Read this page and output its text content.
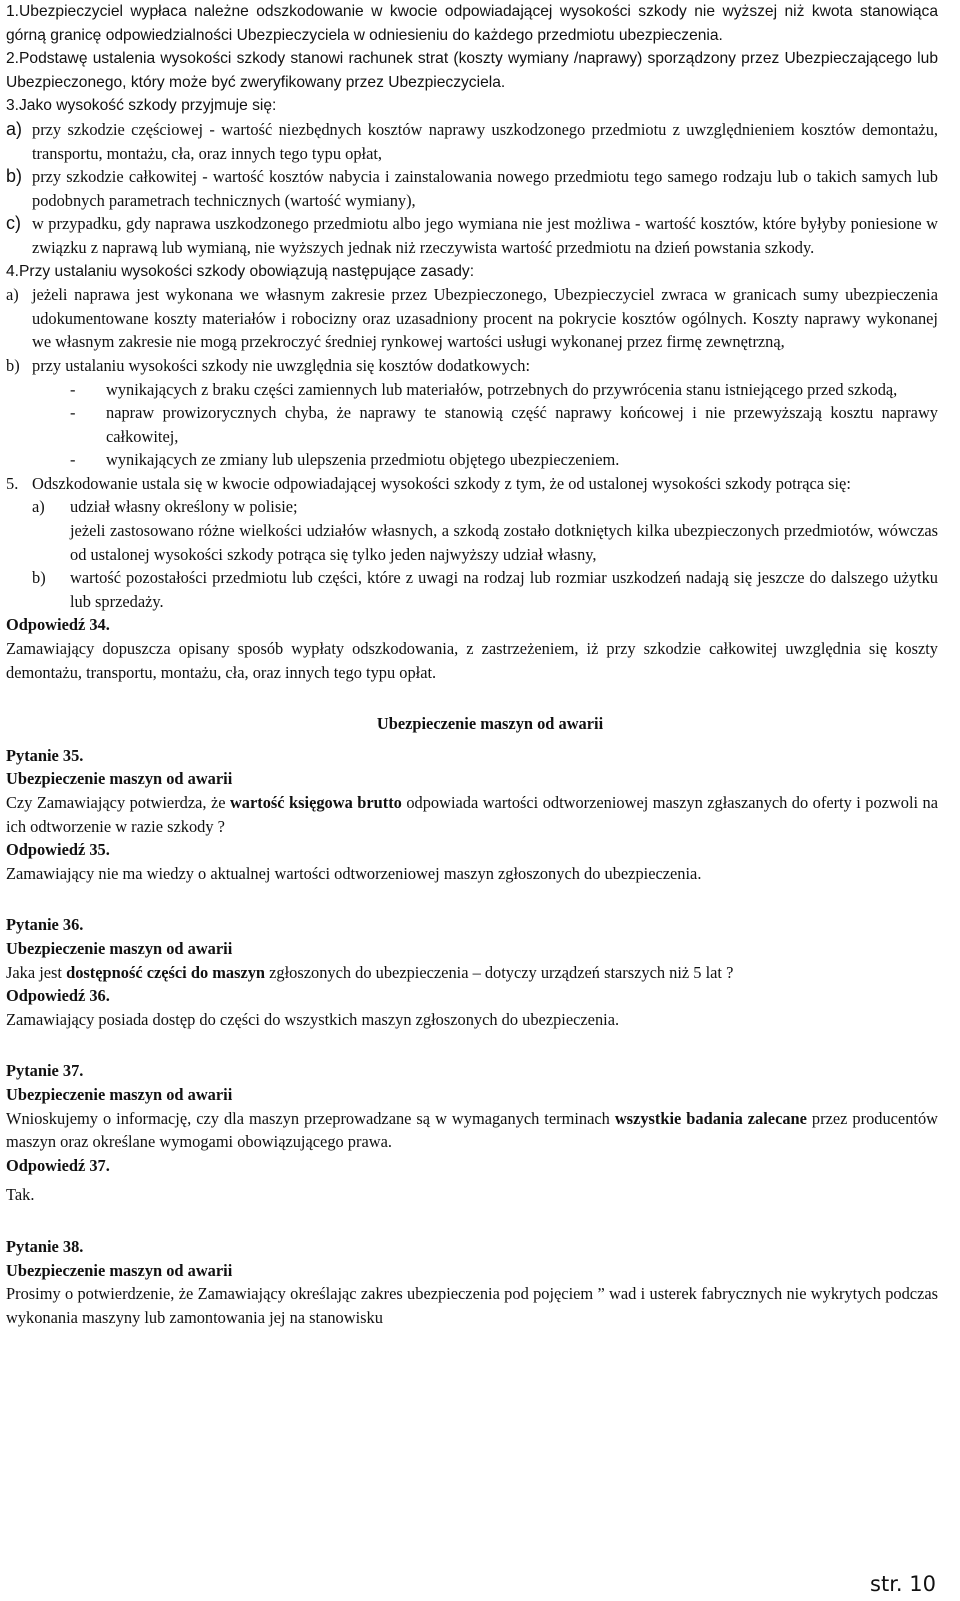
1.Ubezpieczyciel wypłaca należne odszkodowanie w kwocie odpowiadającej wysokości szkody nie wyższej niż kwota stanowiąca górną granicę odpowiedzialności Ubezpieczyciela w odniesieniu do każdego przedmiotu ubezpieczenia.

2.Podstawę ustalenia wysokości szkody stanowi rachunek strat (koszty wymiany /naprawy) sporządzony przez Ubezpieczającego lub Ubezpieczonego, który może być zweryfikowany przez Ubezpieczyciela.

3.Jako wysokość szkody przyjmuje się:

a) przy szkodzie częściowej - wartość niezbędnych kosztów naprawy uszkodzonego przedmiotu z uwzględnieniem kosztów demontażu, transportu, montażu, cła, oraz innych tego typu opłat,
b) przy szkodzie całkowitej - wartość kosztów nabycia i zainstalowania nowego przedmiotu tego samego rodzaju lub o takich samych lub podobnych parametrach technicznych (wartość wymiany),
c) w przypadku, gdy naprawa uszkodzonego przedmiotu albo jego wymiana nie jest możliwa - wartość kosztów, które byłyby poniesione w związku z naprawą lub wymianą, nie wyższych jednak niż rzeczywista wartość przedmiotu na dzień powstania szkody.

4.Przy ustalaniu wysokości szkody obowiązują następujące zasady:

a) jeżeli naprawa jest wykonana we własnym zakresie przez Ubezpieczonego, Ubezpieczyciel zwraca w granicach sumy ubezpieczenia udokumentowane koszty materiałów i robocizny oraz uzasadniony procent na pokrycie kosztów ogólnych. Koszty naprawy wykonanej we własnym zakresie nie mogą przekroczyć średniej rynkowej wartości usługi wykonanej przez firmę zewnętrzną,
b) przy ustalaniu wysokości szkody nie uwzględnia się kosztów dodatkowych:
-	wynikających z braku części zamiennych lub materiałów, potrzebnych do przywrócenia stanu istniejącego przed szkodą,
-	napraw prowizorycznych chyba, że naprawy te stanowią część naprawy końcowej i nie przewyższają kosztu naprawy całkowitej,
-	wynikających ze zmiany lub ulepszenia przedmiotu objętego ubezpieczeniem.
5. Odszkodowanie ustala się w kwocie odpowiadającej wysokości szkody z tym, że od ustalonej wysokości szkody potrąca się:
a)	udział własny określony w polisie;

jeżeli zastosowano różne wielkości udziałów własnych, a szkodą zostało dotkniętych kilka ubezpieczonych przedmiotów, wówczas od ustalonej wysokości szkody potrąca się tylko jeden najwyższy udział własny,

b)	wartość pozostałości przedmiotu lub części, które z uwagi na rodzaj lub rozmiar uszkodzeń nadają się jeszcze do dalszego użytku lub sprzedaży.

Odpowiedź 34.

Zamawiający dopuszcza opisany sposób wypłaty odszkodowania, z zastrzeżeniem, iż przy szkodzie całkowitej uwzględnia się koszty demontażu, transportu, montażu, cła, oraz innych tego typu opłat.

Ubezpieczenie maszyn od awarii

Pytanie 35.

Ubezpieczenie maszyn od awarii

Czy Zamawiający potwierdza, że wartość księgowa brutto odpowiada wartości odtworzeniowej maszyn zgłaszanych do oferty i pozwoli na ich odtworzenie w razie szkody ?

Odpowiedź 35.

Zamawiający nie ma wiedzy o aktualnej wartości odtworzeniowej maszyn zgłoszonych do ubezpieczenia.

Pytanie 36.

Ubezpieczenie maszyn od awarii

Jaka jest dostępność części do maszyn zgłoszonych do ubezpieczenia – dotyczy urządzeń starszych niż 5 lat ?

Odpowiedź 36.

Zamawiający posiada dostęp do części do wszystkich maszyn zgłoszonych do ubezpieczenia.

Pytanie 37.

Ubezpieczenie maszyn od awarii

Wnioskujemy o informację, czy dla maszyn przeprowadzane są w wymaganych terminach wszystkie badania zalecane przez producentów maszyn oraz określane wymogami obowiązującego prawa.

Odpowiedź 37.

Tak.

Pytanie 38.

Ubezpieczenie maszyn od awarii

Prosimy o potwierdzenie, że Zamawiający określając zakres ubezpieczenia pod pojęciem ” wad i usterek fabrycznych nie wykrytych podczas wykonania maszyny lub zamontowania jej na stanowisku

str. 10
